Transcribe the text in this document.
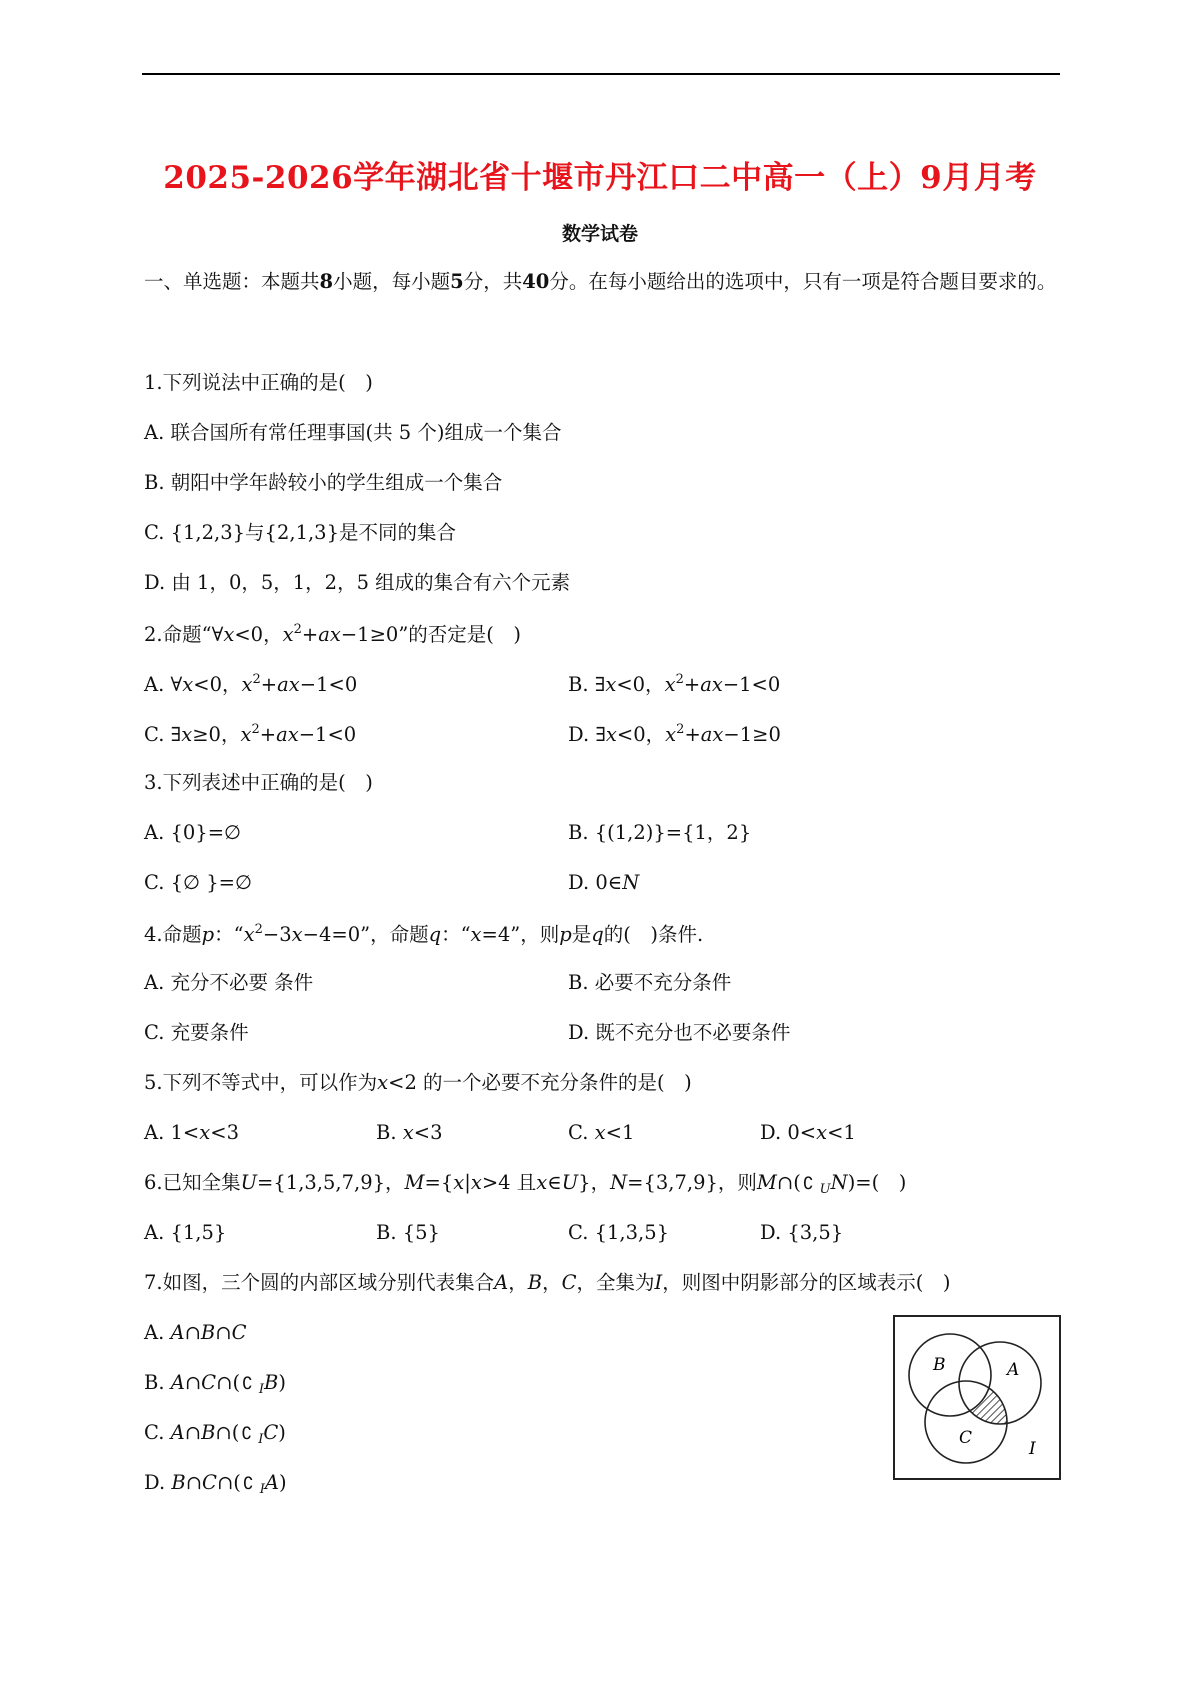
2025-2026学年湖北省十堰市丹江口二中高一（上）9月月考
数学试卷
一、单选题：本题共8小题，每小题5分，共40分。在每小题给出的选项中，只有一项是符合题目要求的。
1.下列说法中正确的是(　)
A. 联合国所有常任理事国(共 5 个)组成一个集合
B. 朝阳中学年龄较小的学生组成一个集合
C. {1,2,3}与{2,1,3}是不同的集合
D. 由 1，0，5，1，2，5 组成的集合有六个元素
2.命题“∀x<0，$x^2+ax-1\ge 0$”的否定是(　)
A. ∀x<0，$x^2+ax-1<0$	B. ∃x<0，$x^2+ax-1<0$
C. ∃x≥0，$x^2+ax-1<0$	D. ∃x<0，$x^2+ax-1\ge 0$
3.下列表述中正确的是(　)
A. {0}=∅	B. {(1,2)}={1，2}
C. {∅ }=∅	D. 0∈N
4.命题p：“$x^2-3x-4=0$”，命题q：“x=4”，则p是q的(　)条件.
A. 充分不必要 条件	B. 必要不充分条件
C. 充要条件	D. 既不充分也不必要条件
5.下列不等式中，可以作为x<2 的一个必要不充分条件的是(　)
A. 1<x<3	B. x<3	C. x<1	D. 0<x<1
6.已知全集U={1,3,5,7,9}，M={x|x>4 且x∈U}，N={3,7,9}，则M∩( ∁ $_U$N)=(　)
A. {1,5}	B. {5}	C. {1,3,5}	D. {3,5}
7.如图，三个圆的内部区域分别代表集合A，B，C，全集为I，则图中阴影部分的区域表示(　)
A. A∩B∩C
B. A∩C∩( ∁ $_I$B)
C. A∩B∩( ∁ $_I$C)
D. B∩C∩( ∁ $_I$A)
B	A
C
I
